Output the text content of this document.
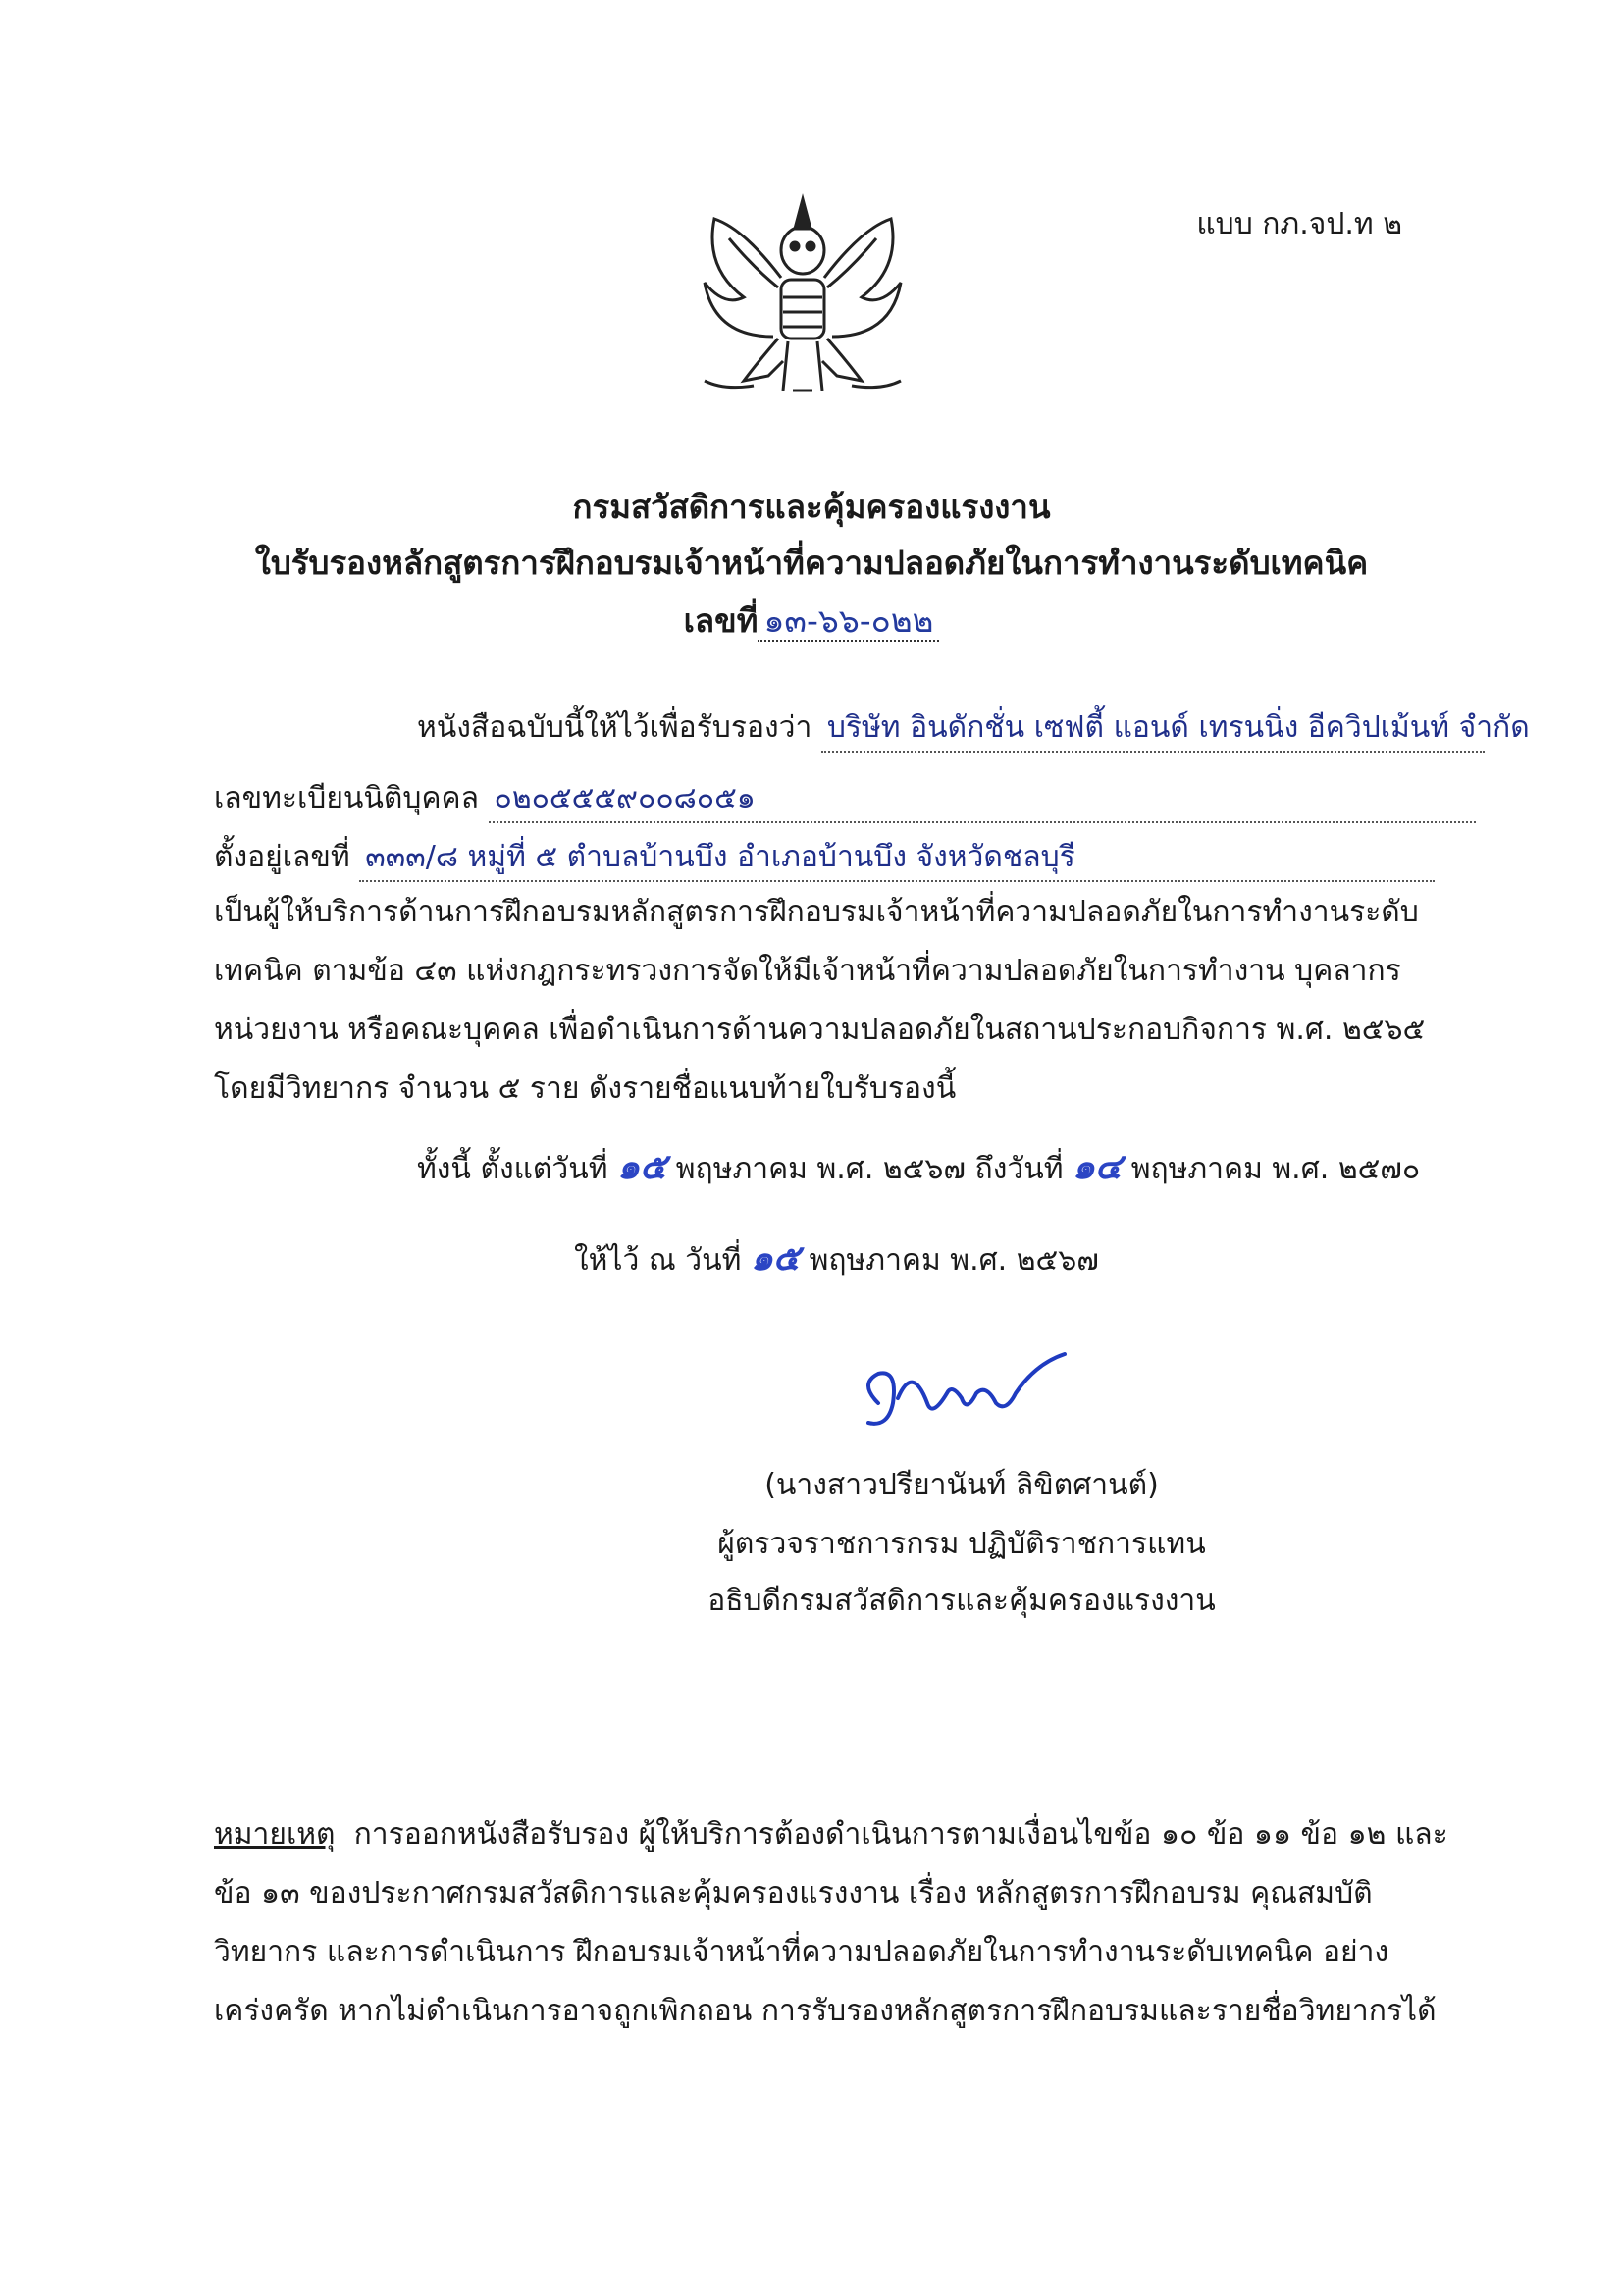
แบบ กภ.จป.ท ๒
กรมสวัสดิการและคุ้มครองแรงงาน
ใบรับรองหลักสูตรการฝึกอบรมเจ้าหน้าที่ความปลอดภัยในการทำงานระดับเทคนิค
เลขที่ ๑๓-๖๖-๐๒๒
หนังสือฉบับนี้ให้ไว้เพื่อรับรองว่า บริษัท อินดักชั่น เซฟตี้ แอนด์ เทรนนิ่ง อีควิปเม้นท์ จำกัด
เลขทะเบียนนิติบุคคล ๐๒๐๕๕๕๙๐๐๘๐๕๑
ตั้งอยู่เลขที่ ๓๓๓/๘ หมู่ที่ ๕ ตำบลบ้านบึง อำเภอบ้านบึง จังหวัดชลบุรี
เป็นผู้ให้บริการด้านการฝึกอบรมหลักสูตรการฝึกอบรมเจ้าหน้าที่ความปลอดภัยในการทำงานระดับเทคนิค ตามข้อ ๔๓ แห่งกฎกระทรวงการจัดให้มีเจ้าหน้าที่ความปลอดภัยในการทำงาน บุคลากร หน่วยงาน หรือคณะบุคคล เพื่อดำเนินการด้านความปลอดภัยในสถานประกอบกิจการ พ.ศ. ๒๕๖๕ โดยมีวิทยากร จำนวน ๕ ราย ดังรายชื่อแนบท้ายใบรับรองนี้
ทั้งนี้ ตั้งแต่วันที่ ๑๕ พฤษภาคม พ.ศ. ๒๕๖๗ ถึงวันที่ ๑๔ พฤษภาคม พ.ศ. ๒๕๗๐
ให้ไว้ ณ วันที่ ๑๕ พฤษภาคม พ.ศ. ๒๕๖๗
(นางสาวปรียานันท์ ลิขิตศานต์)
ผู้ตรวจราชการกรม ปฏิบัติราชการแทน
อธิบดีกรมสวัสดิการและคุ้มครองแรงงาน
หมายเหตุ การออกหนังสือรับรอง ผู้ให้บริการต้องดำเนินการตามเงื่อนไขข้อ ๑๐ ข้อ ๑๑ ข้อ ๑๒ และข้อ ๑๓ ของประกาศกรมสวัสดิการและคุ้มครองแรงงาน เรื่อง หลักสูตรการฝึกอบรม คุณสมบัติวิทยากร และการดำเนินการ ฝึกอบรมเจ้าหน้าที่ความปลอดภัยในการทำงานระดับเทคนิค อย่างเคร่งครัด หากไม่ดำเนินการอาจถูกเพิกถอน การรับรองหลักสูตรการฝึกอบรมและรายชื่อวิทยากรได้
